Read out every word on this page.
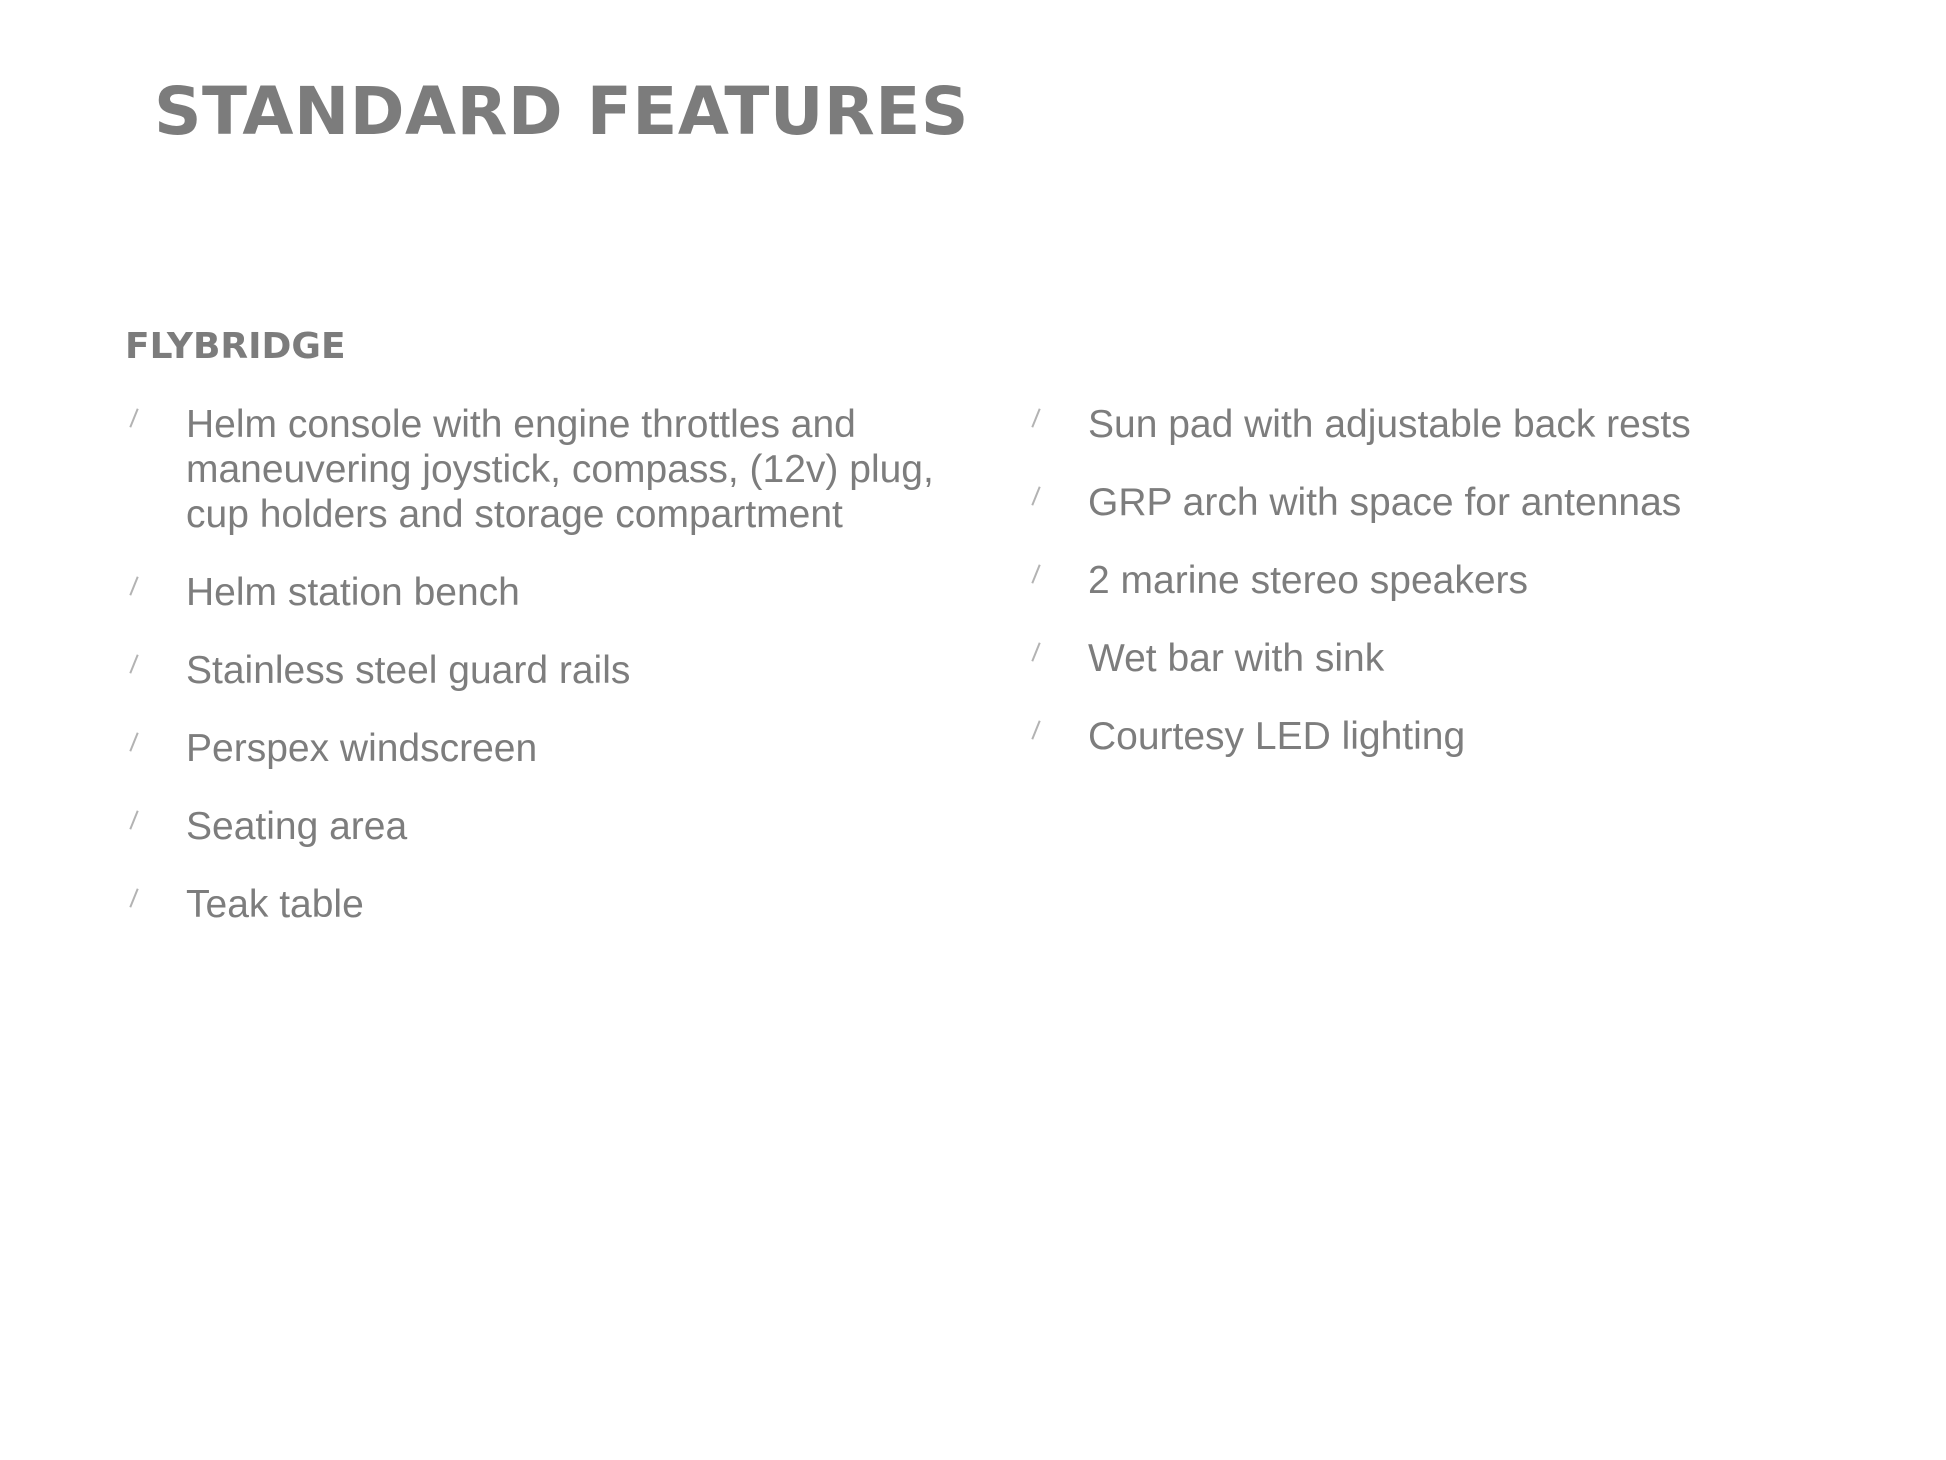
STANDARD FEATURES
FLYBRIDGE
Helm console with engine throttles and maneuvering joystick, compass, (12v) plug, cup holders and storage compartment
Helm station bench
Stainless steel guard rails
Perspex windscreen
Seating area
Teak table
Sun pad with adjustable back rests
GRP arch with space for antennas
2 marine stereo speakers
Wet bar with sink
Courtesy LED lighting
